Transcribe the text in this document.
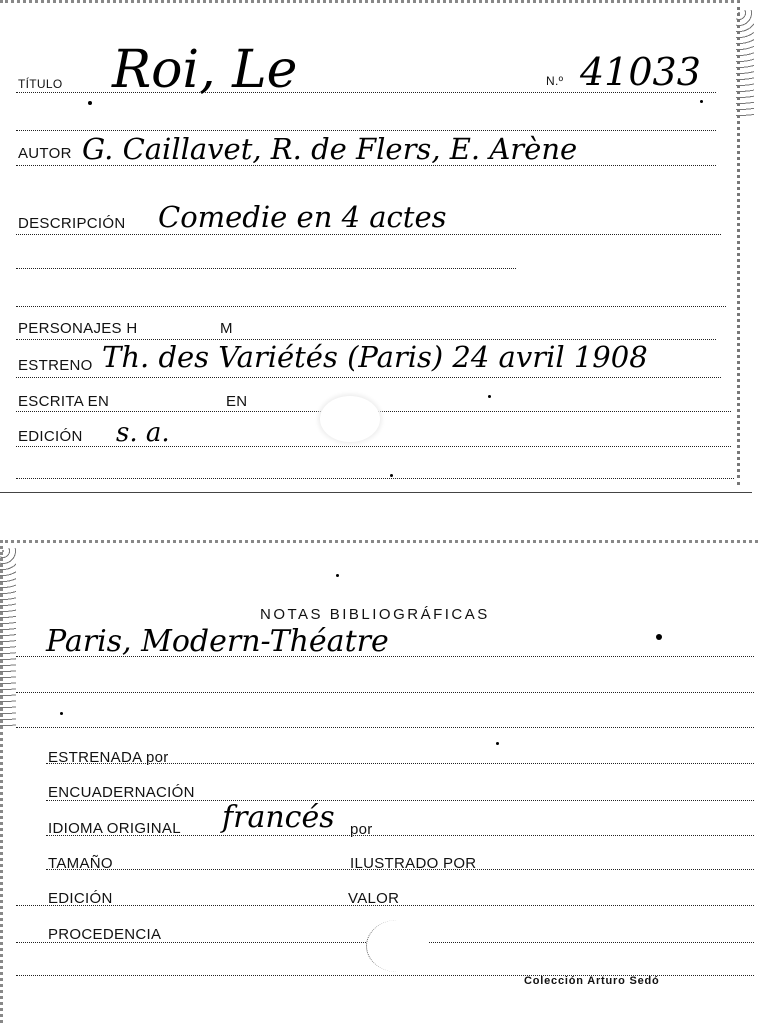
TÍTULO Roi, Le	N.º 41033
AUTOR G. Caillavet, R. de Flers, E. Arène
DESCRIPCIÓN Comedie en 4 actes
PERSONAJES H	M
ESTRENO Th. des Variétés (Paris) 24 avril 1908
ESCRITA EN	EN
EDICIÓN s. a.
NOTAS BIBLIOGRÁFICAS
Paris, Modern-Théatre
ESTRENADA por
ENCUADERNACIÓN
IDIOMA ORIGINAL francés por
TAMAÑO	ILUSTRADO POR
EDICIÓN	VALOR
PROCEDENCIA
Colección Arturo Sedó
